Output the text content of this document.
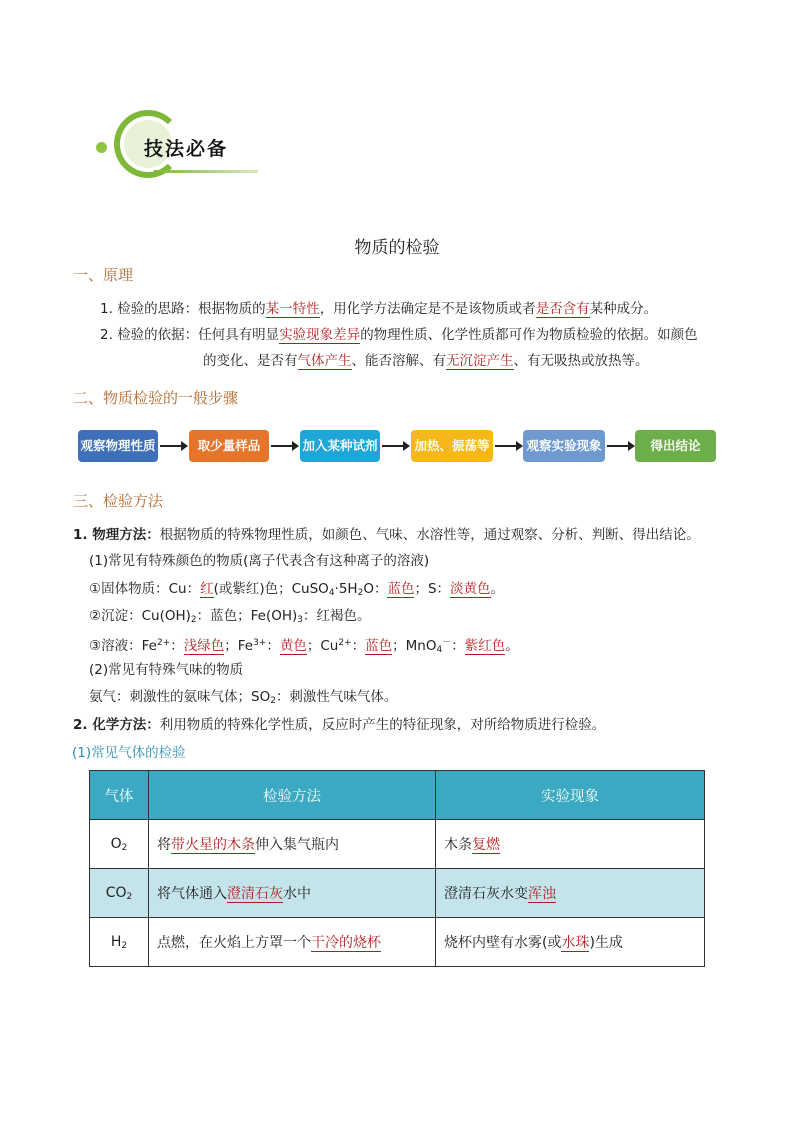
技法必备
物质的检验
一、原理
1. 检验的思路：根据物质的某一特性，用化学方法确定是不是该物质或者是否含有某种成分。
2. 检验的依据：任何具有明显实验现象差异的物理性质、化学性质都可作为物质检验的依据。如颜色
的变化、是否有气体产生、能否溶解、有无沉淀产生、有无吸热或放热等。
二、物质检验的一般步骤
观察物理性质	取少量样品	加入某种试剂	加热、振荡等	观察实验现象	得出结论
三、检验方法
1. 物理方法：根据物质的特殊物理性质，如颜色、气味、水溶性等，通过观察、分析、判断、得出结论。
(1)常见有特殊颜色的物质(离子代表含有这种离子的溶液)
①固体物质：Cu：红(或紫红)色；$CuSO_4\cdot 5H_2O$：蓝色；S：淡黄色。
②沉淀：$Cu(OH)_2$：蓝色；$Fe(OH)_3$：红褐色。
③溶液：$Fe^{2+}$：浅绿色；$Fe^{3+}$：黄色；$Cu^{2+}$：蓝色；MnO$_4$－：紫红色。
(2)常见有特殊气味的物质
氨气：刺激性的氨味气体；$SO_2$：刺激性气味气体。
2. 化学方法：利用物质的特殊化学性质，反应时产生的特征现象，对所给物质进行检验。
(1)常见气体的检验
气体	检验方法	实验现象
$O_2$	将带火星的木条伸入集气瓶内	木条复燃
$CO_2$	将气体通入澄清石灰水中	澄清石灰水变浑浊
$H_2$	点燃，在火焰上方罩一个干冷的烧杯	烧杯内壁有水雾(或水珠)生成
